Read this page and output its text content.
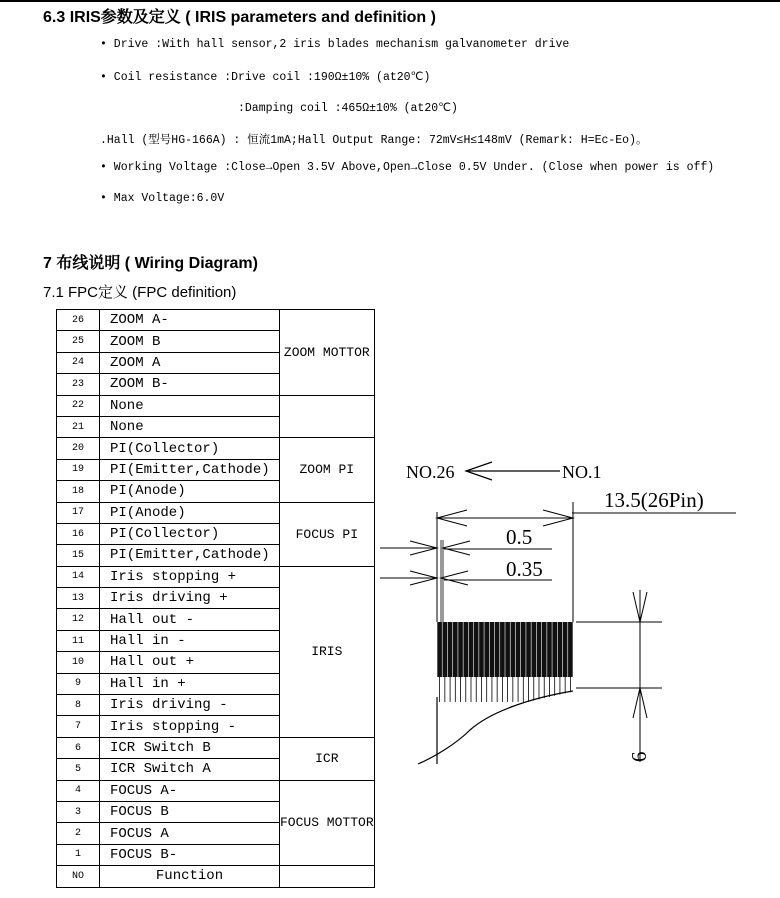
6.3 IRIS参数及定义 ( IRIS parameters and definition )
• Drive :With hall sensor,2 iris blades mechanism galvanometer drive
• Coil resistance :Drive coil :190Ω±10% (at20℃)
:Damping coil :465Ω±10% (at20℃)
.Hall (型号HG-166A) : 恒流1mA;Hall Output Range: 72mV≤H≤148mV (Remark: H=Ec-Eo)。
• Working Voltage :Close→Open 3.5V Above,Open→Close 0.5V Under. (Close when power is off)
• Max Voltage:6.0V
7 布线说明 ( Wiring Diagram)
7.1 FPC定义 (FPC definition)
26	ZOOM A-	ZOOM MOTTOR
25	ZOOM B	
24	ZOOM A	
23	ZOOM B-	
22	None	
21	None	
20	PI(Collector)	ZOOM PI
19	PI(Emitter,Cathode)	
18	PI(Anode)	
17	PI(Anode)	FOCUS PI
16	PI(Collector)	
15	PI(Emitter,Cathode)	
14	Iris stopping +	IRIS
13	Iris driving +	
12	Hall out -	
11	Hall in -	
10	Hall out +	
9	Hall in +	
8	Iris driving -	
7	Iris stopping -	
6	ICR Switch B	ICR
5	ICR Switch A	
4	FOCUS A-	FOCUS MOTTOR
3	FOCUS B	
2	FOCUS A	
1	FOCUS B-	
NO	Function	
NO.26	NO.1
13.5(26Pin)
0.5
0.35
6
